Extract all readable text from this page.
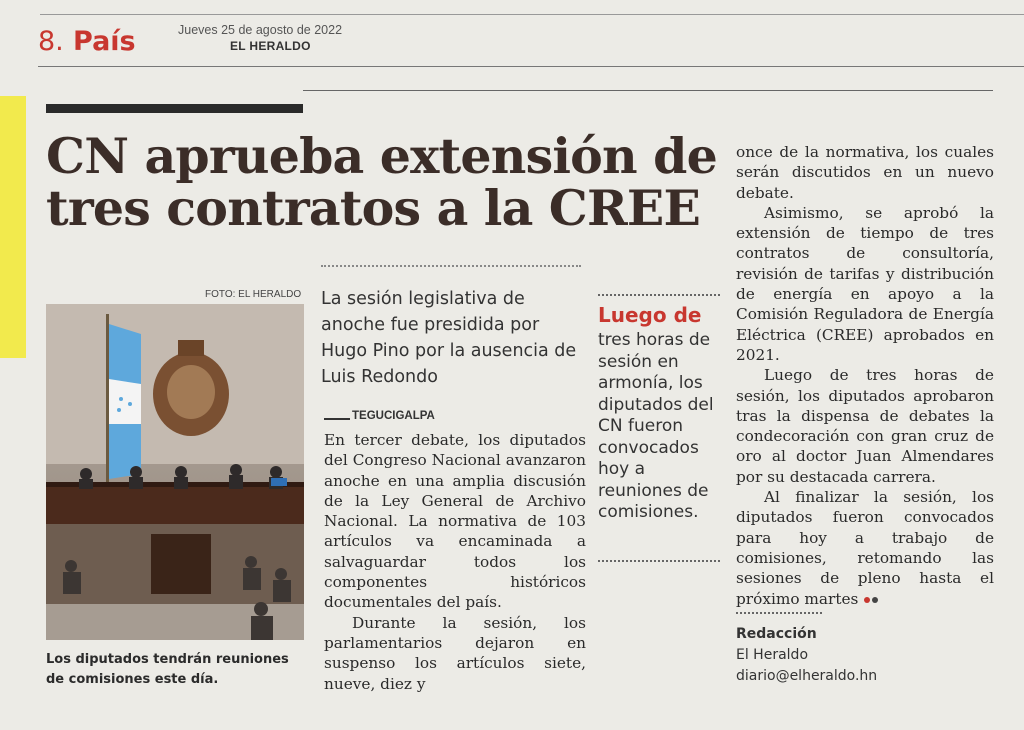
8. País	Jueves 25 de agosto de 2022
EL HERALDO
CN aprueba extensión de
tres contratos a la CREE
FOTO: EL HERALDO
Los diputados tendrán reuniones de comisiones este día.
La sesión legislativa de anoche fue presidida por Hugo Pino por la ausencia de Luis Redondo
TEGUCIGALPA

En tercer debate, los diputados del Congreso Nacional avanzaron anoche en una amplia discusión de la Ley General de Archivo Nacional. La normativa de 103 artículos va encaminada a salvaguardar todos los componentes históricos documentales del país.

Durante la sesión, los parlamentarios dejaron en suspenso los artículos siete, nueve, diez y

Luego de
tres horas de sesión en armonía, los diputados del CN fueron convocados hoy a reuniones de comisiones.

once de la normativa, los cuales serán discutidos en un nuevo debate.

Asimismo, se aprobó la extensión de tiempo de tres contratos de consultoría, revisión de tarifas y distribución de energía en apoyo a la Comisión Reguladora de Energía Eléctrica (CREE) aprobados en 2021.

Luego de tres horas de sesión, los diputados aprobaron tras la dispensa de debates la condecoración con gran cruz de oro al doctor Juan Almendares por su destacada carrera.

Al finalizar la sesión, los diputados fueron convocados para hoy a trabajo de comisiones, retomando las sesiones de pleno hasta el próximo martes

Redacción
El Heraldo
diario@elheraldo.hn
